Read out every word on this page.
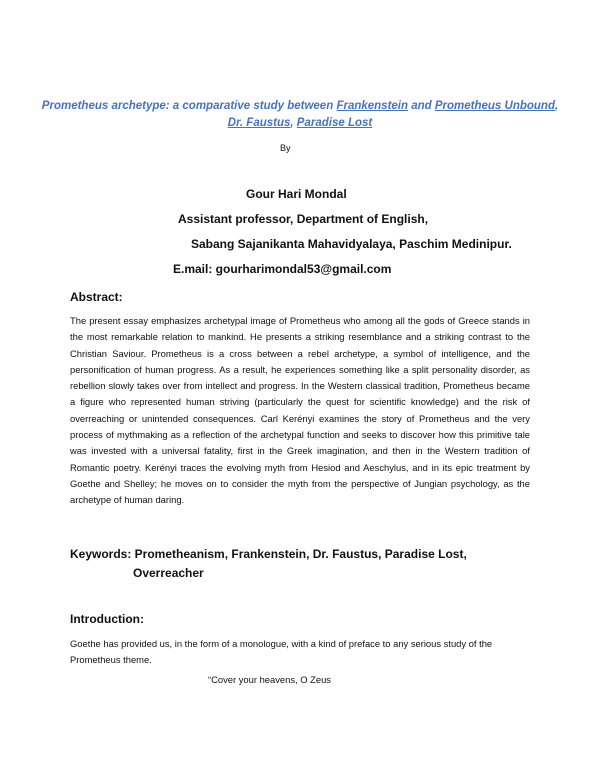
Prometheus archetype: a comparative study between Frankenstein and Prometheus Unbound,
Dr. Faustus, Paradise Lost
By
Gour Hari Mondal
Assistant professor, Department of English,
Sabang Sajanikanta Mahavidyalaya, Paschim Medinipur.
E.mail: gourharimondal53@gmail.com
Abstract:

The present essay emphasizes archetypal image of Prometheus who among all the gods of Greece stands in the most remarkable relation to mankind. He presents a striking resemblance and a striking contrast to the Christian Saviour. Prometheus is a cross between a rebel archetype, a symbol of intelligence, and the personification of human progress. As a result, he experiences something like a split personality disorder, as rebellion slowly takes over from intellect and progress. In the Western classical tradition, Prometheus became a figure who represented human striving (particularly the quest for scientific knowledge) and the risk of overreaching or unintended consequences. Carl Kerényi examines the story of Prometheus and the very process of mythmaking as a reflection of the archetypal function and seeks to discover how this primitive tale was invested with a universal fatality, first in the Greek imagination, and then in the Western tradition of Romantic poetry. Kerényi traces the evolving myth from Hesiod and Aeschylus, and in its epic treatment by Goethe and Shelley; he moves on to consider the myth from the perspective of Jungian psychology, as the archetype of human daring.

Keywords: Prometheanism, Frankenstein, Dr. Faustus, Paradise Lost,
Overreacher
Introduction:

Goethe has provided us, in the form of a monologue, with a kind of preface to any serious study of the Prometheus theme.

“Cover your heavens, O Zeus
